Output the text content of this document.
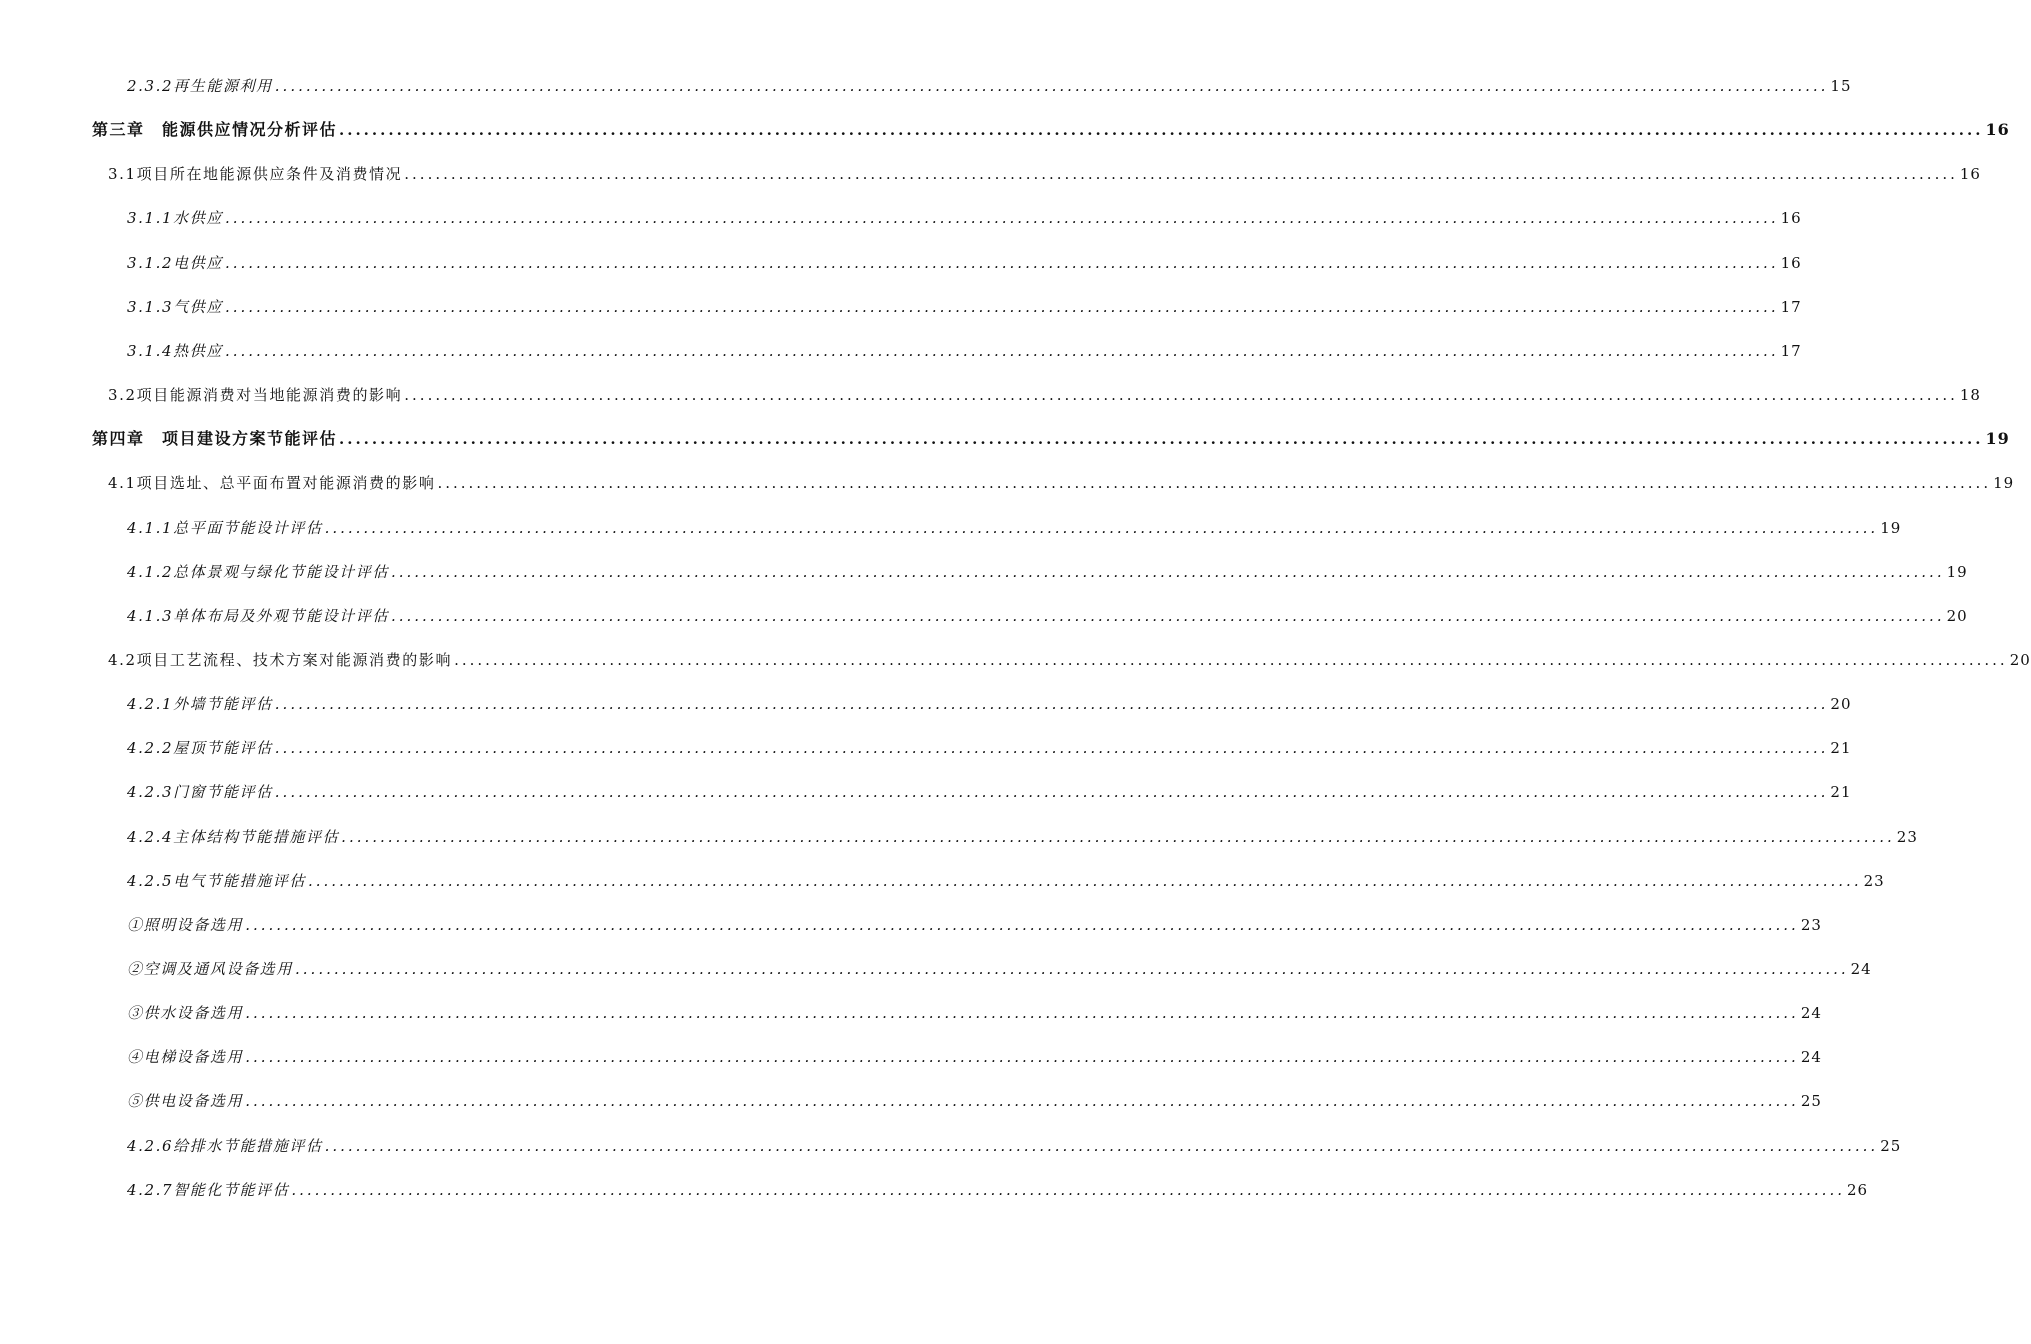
2.3.2再生能源利用 ........................................................................................................................................................................................................ 15
第三章　能源供应情况分析评估 ........................................................................................................................................................................................................ 16
3.1项目所在地能源供应条件及消费情况 ........................................................................................................................................................................................................ 16
3.1.1水供应 ........................................................................................................................................................................................................ 16
3.1.2电供应 ........................................................................................................................................................................................................ 16
3.1.3气供应 ........................................................................................................................................................................................................ 17
3.1.4热供应 ........................................................................................................................................................................................................ 17
3.2项目能源消费对当地能源消费的影响 ........................................................................................................................................................................................................ 18
第四章　项目建设方案节能评估 ........................................................................................................................................................................................................ 19
4.1项目选址、总平面布置对能源消费的影响 ........................................................................................................................................................................................................ 19
4.1.1总平面节能设计评估 ........................................................................................................................................................................................................ 19
4.1.2总体景观与绿化节能设计评估 ........................................................................................................................................................................................................ 19
4.1.3单体布局及外观节能设计评估 ........................................................................................................................................................................................................ 20
4.2项目工艺流程、技术方案对能源消费的影响 ........................................................................................................................................................................................................ 20
4.2.1外墙节能评估 ........................................................................................................................................................................................................ 20
4.2.2屋顶节能评估 ........................................................................................................................................................................................................ 21
4.2.3门窗节能评估 ........................................................................................................................................................................................................ 21
4.2.4主体结构节能措施评估 ........................................................................................................................................................................................................ 23
4.2.5电气节能措施评估 ........................................................................................................................................................................................................ 23
①照明设备选用 ........................................................................................................................................................................................................ 23
②空调及通风设备选用 ........................................................................................................................................................................................................ 24
③供水设备选用 ........................................................................................................................................................................................................ 24
④电梯设备选用 ........................................................................................................................................................................................................ 24
⑤供电设备选用 ........................................................................................................................................................................................................ 25
4.2.6给排水节能措施评估 ........................................................................................................................................................................................................ 25
4.2.7智能化节能评估 ........................................................................................................................................................................................................ 26
